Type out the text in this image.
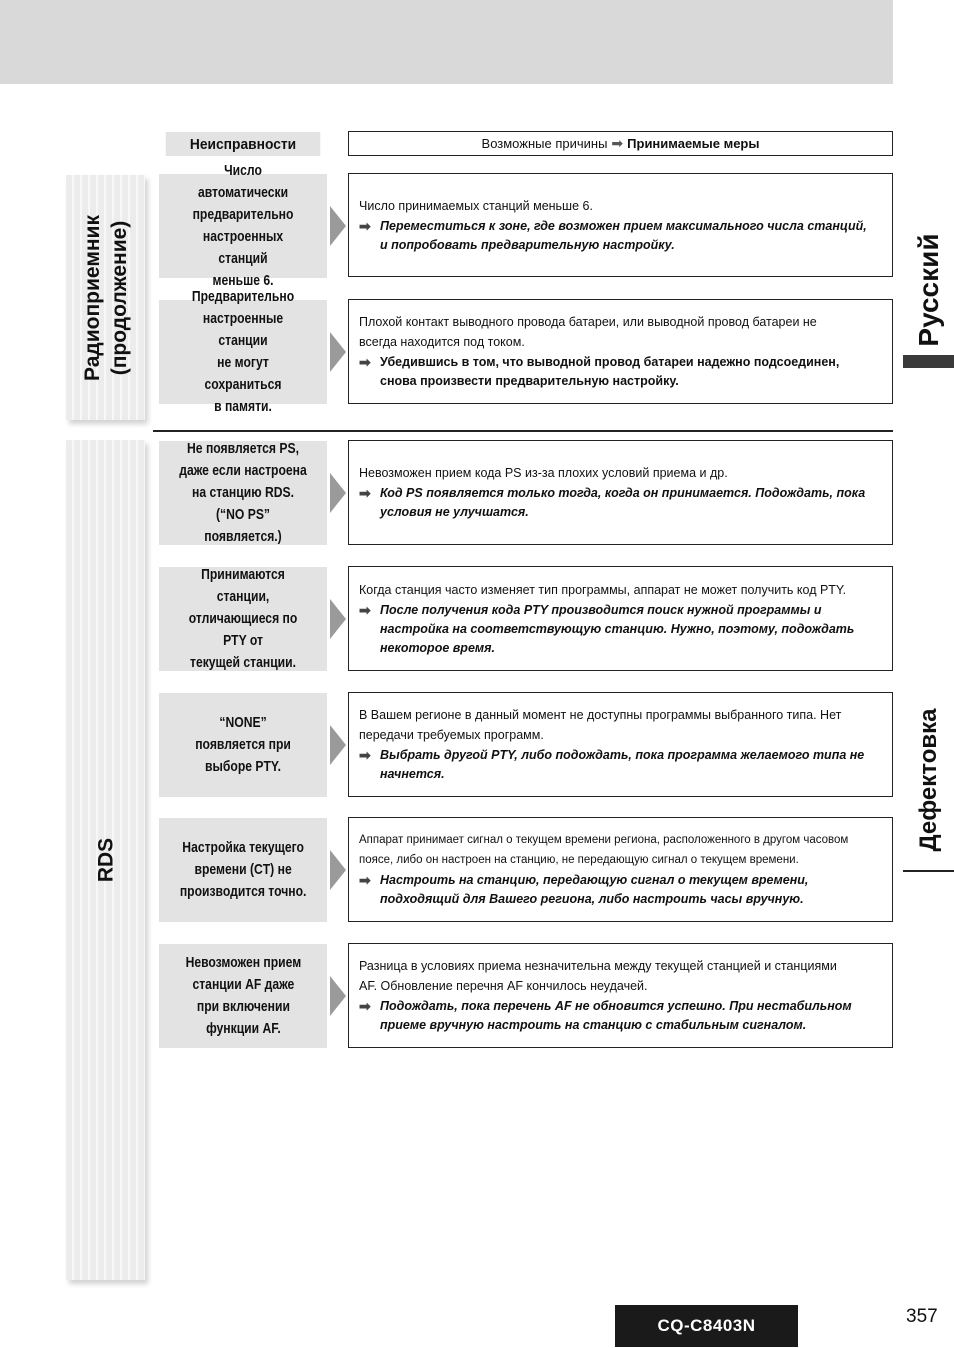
Неисправности	Возможные причины ➡ Принимаемые меры
Радиоприемник (продолжение)
RDS
Число автоматически
предварительно
настроенных станций
меньше 6.
Число принимаемых станций меньше 6.
➡ Переместиться к зоне, где возможен прием максимального числа станций,
и попробовать предварительную настройку.
Предварительно
настроенные станции
не могут сохраниться
в памяти.
Плохой контакт выводного провода батареи, или выводной провод батареи не
всегда находится под током.
➡ Убедившись в том, что выводной провод батареи надежно подсоединен,
снова произвести предварительную настройку.
Не появляется PS,
даже если настроена
на станцию RDS.
(“NO PS” появляется.)
Невозможен прием кода PS из-за плохих условий приема и др.
➡ Код PS появляется только тогда, когда он принимается. Подождать, пока
условия не улучшатся.
Принимаются станции,
отличающиеся по PTY от
текущей станции.
Когда станция часто изменяет тип программы, аппарат не может получить код PTY.
➡ После получения кода PTY производится поиск нужной программы и
настройка на соответствующую станцию. Нужно, поэтому, подождать
некоторое время.
“NONE”
появляется при
выборе PTY.
В Вашем регионе в данный момент не доступны программы выбранного типа. Нет
передачи требуемых программ.
➡ Выбрать другой PTY, либо подождать, пока программа желаемого типа не
начнется.
Настройка текущего
времени (CT) не
производится точно.
Аппарат принимает сигнал о текущем времени региона, расположенного в другом часовом
поясе, либо он настроен на станцию, не передающую сигнал о текущем времени.
➡ Настроить на станцию, передающую сигнал о текущем времени,
подходящий для Вашего региона, либо настроить часы вручную.
Невозможен прием
станции AF даже
при включении
функции AF.
Разница в условиях приема незначительна между текущей станцией и станциями
AF. Обновление перечня AF кончилось неудачей.
➡ Подождать, пока перечень AF не обновится успешно. При нестабильном
приеме вручную настроить на станцию с стабильным сигналом.
Русский
Дефектовка
CQ-C8403N	357
